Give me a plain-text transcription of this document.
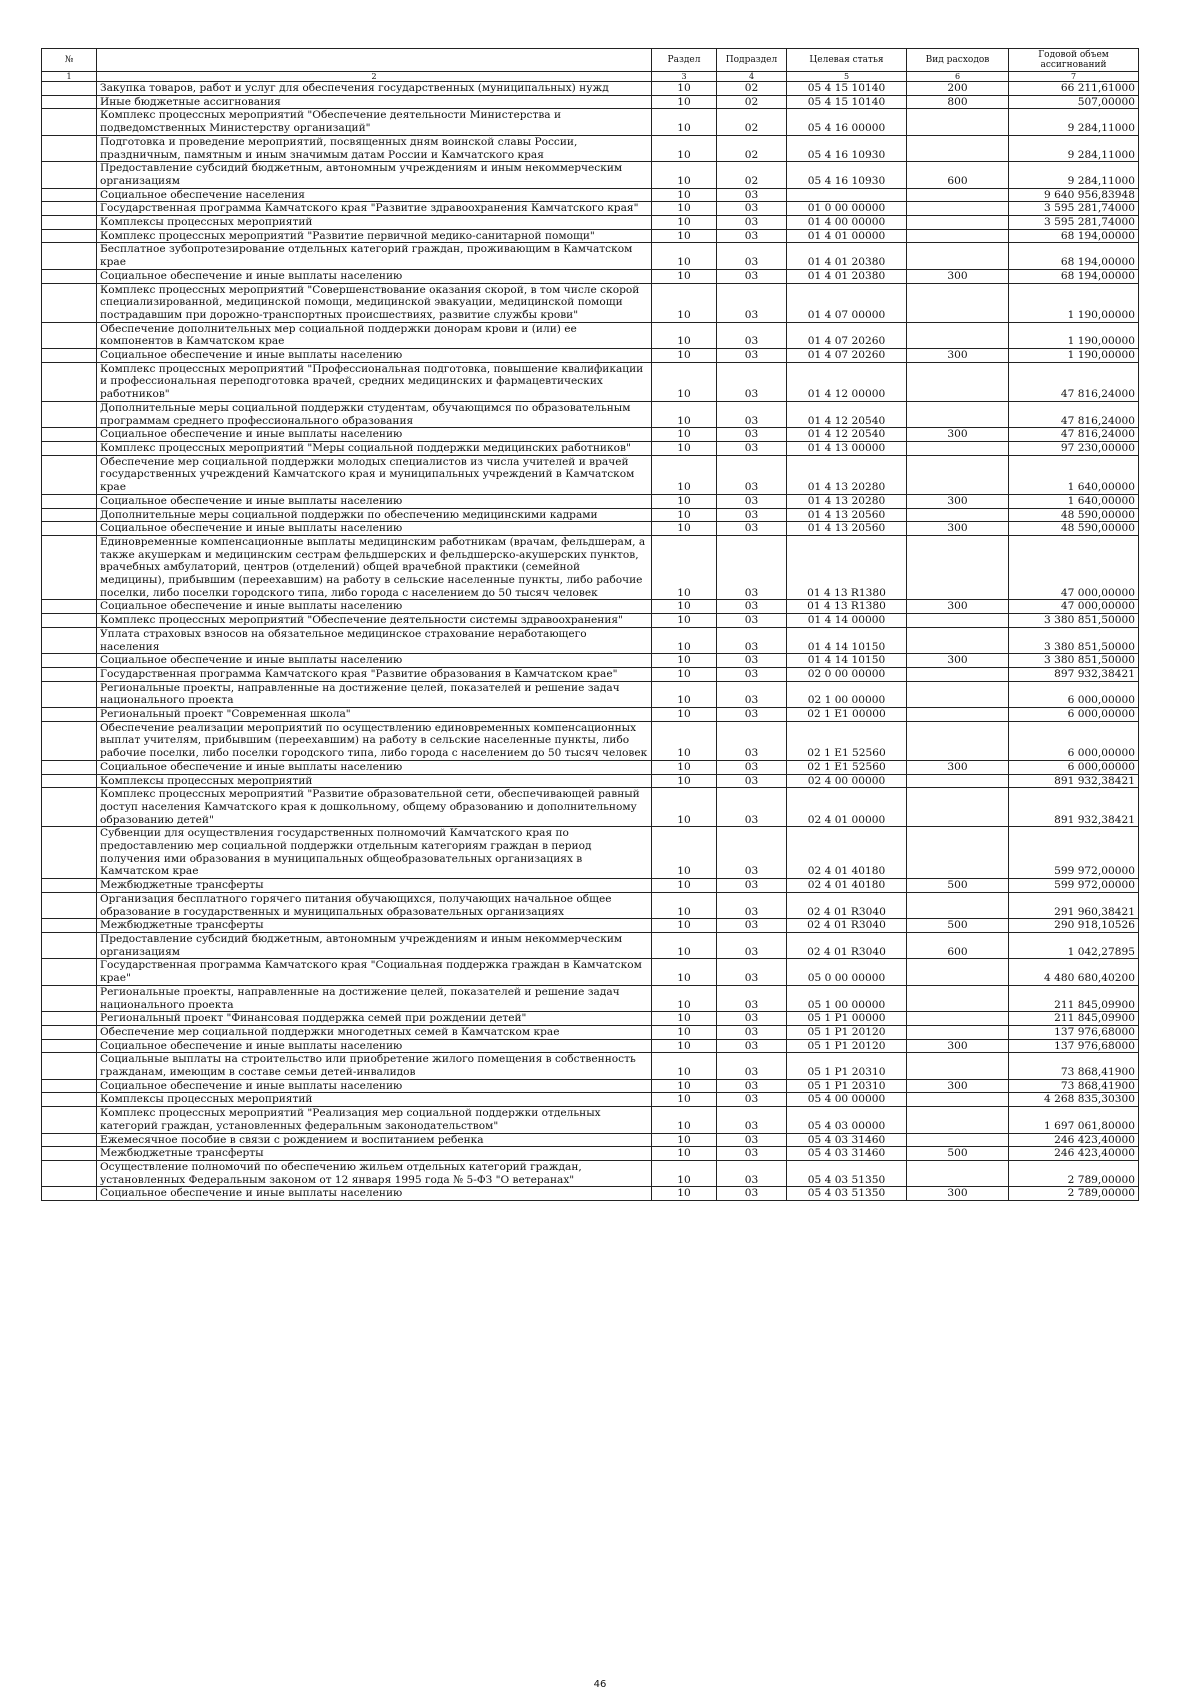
№		Раздел	Подраздел	Целевая статья	Вид расходов	Годовой объем ассигнований
1	2	3	4	5	6	7
	Закупка товаров, работ и услуг для обеспечения государственных (муниципальных) нужд	10	02	05 4 15 10140	200	66 211,61000
	Иные бюджетные ассигнования	10	02	05 4 15 10140	800	507,00000
	Комплекс процессных мероприятий "Обеспечение деятельности Министерства и подведомственных Министерству организаций"	10	02	05 4 16 00000		9 284,11000
	Подготовка и проведение мероприятий, посвященных дням воинской славы России, праздничным, памятным и иным значимым датам России и Камчатского края	10	02	05 4 16 10930		9 284,11000
	Предоставление субсидий бюджетным, автономным учреждениям и иным некоммерческим организациям	10	02	05 4 16 10930	600	9 284,11000
	Социальное обеспечение населения	10	03			9 640 956,83948
	Государственная программа Камчатского края "Развитие здравоохранения Камчатского края"	10	03	01 0 00 00000		3 595 281,74000
	Комплексы процессных мероприятий	10	03	01 4 00 00000		3 595 281,74000
	Комплекс процессных мероприятий "Развитие первичной медико-санитарной помощи"	10	03	01 4 01 00000		68 194,00000
	Бесплатное зубопротезирование отдельных категорий граждан, проживающим в Камчатском крае	10	03	01 4 01 20380		68 194,00000
	Социальное обеспечение и иные выплаты населению	10	03	01 4 01 20380	300	68 194,00000
	Комплекс процессных мероприятий "Совершенствование оказания скорой, в том числе скорой специализированной, медицинской помощи, медицинской эвакуации, медицинской помощи пострадавшим при дорожно-транспортных происшествиях, развитие службы крови"	10	03	01 4 07 00000		1 190,00000
	Обеспечение дополнительных мер социальной поддержки донорам крови и (или) ее компонентов в Камчатском крае	10	03	01 4 07 20260		1 190,00000
	Социальное обеспечение и иные выплаты населению	10	03	01 4 07 20260	300	1 190,00000
	Комплекс процессных мероприятий "Профессиональная подготовка, повышение квалификации и профессиональная переподготовка врачей, средних медицинских и фармацевтических работников"	10	03	01 4 12 00000		47 816,24000
	Дополнительные меры социальной поддержки студентам, обучающимся по образовательным программам среднего профессионального образования	10	03	01 4 12 20540		47 816,24000
	Социальное обеспечение и иные выплаты населению	10	03	01 4 12 20540	300	47 816,24000
	Комплекс процессных мероприятий "Меры социальной поддержки медицинских работников"	10	03	01 4 13 00000		97 230,00000
	Обеспечение мер социальной поддержки молодых специалистов из числа учителей и врачей государственных учреждений Камчатского края и муниципальных учреждений в Камчатском крае	10	03	01 4 13 20280		1 640,00000
	Социальное обеспечение и иные выплаты населению	10	03	01 4 13 20280	300	1 640,00000
	Дополнительные меры социальной поддержки по обеспечению медицинскими кадрами	10	03	01 4 13 20560		48 590,00000
	Социальное обеспечение и иные выплаты населению	10	03	01 4 13 20560	300	48 590,00000
	Единовременные компенсационные выплаты медицинским работникам (врачам, фельдшерам, а также акушеркам и медицинским сестрам фельдшерских и фельдшерско-акушерских пунктов, врачебных амбулаторий, центров (отделений) общей врачебной практики (семейной медицины), прибывшим (переехавшим) на работу в сельские населенные пункты, либо рабочие поселки, либо поселки городского типа, либо города с населением до 50 тысяч человек	10	03	01 4 13 R1380		47 000,00000
	Социальное обеспечение и иные выплаты населению	10	03	01 4 13 R1380	300	47 000,00000
	Комплекс процессных мероприятий "Обеспечение деятельности системы здравоохранения"	10	03	01 4 14 00000		3 380 851,50000
	Уплата страховых взносов на обязательное медицинское страхование неработающего населения	10	03	01 4 14 10150		3 380 851,50000
	Социальное обеспечение и иные выплаты населению	10	03	01 4 14 10150	300	3 380 851,50000
	Государственная программа Камчатского края "Развитие образования в Камчатском крае"	10	03	02 0 00 00000		897 932,38421
	Региональные проекты, направленные на достижение целей, показателей и решение задач национального проекта	10	03	02 1 00 00000		6 000,00000
	Региональный проект "Современная школа"	10	03	02 1 E1 00000		6 000,00000
	Обеспечение реализации мероприятий по осуществлению единовременных компенсационных выплат учителям, прибывшим (переехавшим) на работу в сельские населенные пункты, либо рабочие поселки, либо поселки городского типа, либо города с населением до 50 тысяч человек	10	03	02 1 E1 52560		6 000,00000
	Социальное обеспечение и иные выплаты населению	10	03	02 1 E1 52560	300	6 000,00000
	Комплексы процессных мероприятий	10	03	02 4 00 00000		891 932,38421
	Комплекс процессных мероприятий "Развитие образовательной сети, обеспечивающей равный доступ населения Камчатского края к дошкольному, общему образованию и дополнительному образованию детей"	10	03	02 4 01 00000		891 932,38421
	Субвенции для осуществления государственных полномочий Камчатского края по предоставлению мер социальной поддержки отдельным категориям граждан в период получения ими образования в муниципальных общеобразовательных организациях в Камчатском крае	10	03	02 4 01 40180		599 972,00000
	Межбюджетные трансферты	10	03	02 4 01 40180	500	599 972,00000
	Организация бесплатного горячего питания обучающихся, получающих начальное общее образование в государственных и муниципальных образовательных организациях	10	03	02 4 01 R3040		291 960,38421
	Межбюджетные трансферты	10	03	02 4 01 R3040	500	290 918,10526
	Предоставление субсидий бюджетным, автономным учреждениям и иным некоммерческим организациям	10	03	02 4 01 R3040	600	1 042,27895
	Государственная программа Камчатского края "Социальная поддержка граждан в Камчатском крае"	10	03	05 0 00 00000		4 480 680,40200
	Региональные проекты, направленные на достижение целей, показателей и решение задач национального проекта	10	03	05 1 00 00000		211 845,09900
	Региональный проект "Финансовая поддержка семей при рождении детей"	10	03	05 1 P1 00000		211 845,09900
	Обеспечение мер социальной поддержки многодетных семей в Камчатском крае	10	03	05 1 P1 20120		137 976,68000
	Социальное обеспечение и иные выплаты населению	10	03	05 1 P1 20120	300	137 976,68000
	Социальные выплаты на строительство или приобретение жилого помещения в собственность гражданам, имеющим в составе семьи детей-инвалидов	10	03	05 1 P1 20310		73 868,41900
	Социальное обеспечение и иные выплаты населению	10	03	05 1 P1 20310	300	73 868,41900
	Комплексы процессных мероприятий	10	03	05 4 00 00000		4 268 835,30300
	Комплекс процессных мероприятий "Реализация мер социальной поддержки отдельных категорий граждан, установленных федеральным законодательством"	10	03	05 4 03 00000		1 697 061,80000
	Ежемесячное пособие в связи с рождением и воспитанием ребенка	10	03	05 4 03 31460		246 423,40000
	Межбюджетные трансферты	10	03	05 4 03 31460	500	246 423,40000
	Осуществление полномочий по обеспечению жильем отдельных категорий граждан, установленных Федеральным законом от 12 января 1995 года № 5-ФЗ "О ветеранах"	10	03	05 4 03 51350		2 789,00000
	Социальное обеспечение и иные выплаты населению	10	03	05 4 03 51350	300	2 789,00000
46
